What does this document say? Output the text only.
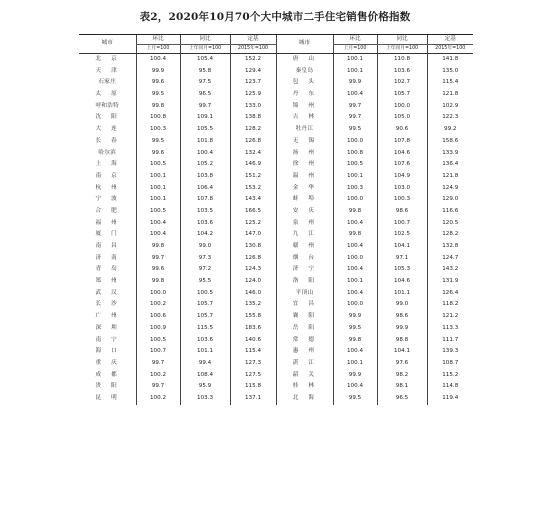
表2，2020年10月70个大中城市二手住宅销售价格指数
城市	环比	同比	定基	城市	环比	同比	定基
	上月=100	上年同月=100	2015年=100		上月=100	上年同月=100	2015年=100
北　京	100.4	105.4	152.2	唐　山	100.1	110.8	141.8
天　津	99.9	95.8	129.4	秦皇岛	100.1	103.6	135.0
石家庄	99.6	97.5	123.7	包　头	99.9	102.7	115.4
太　原	99.5	96.5	125.9	丹　东	100.4	105.7	121.8
呼和浩特	99.8	99.7	133.0	锦　州	99.7	100.0	102.9
沈　阳	100.8	109.1	138.8	吉　林	99.7	105.0	122.3
大　连	100.3	105.5	128.2	牡丹江	99.5	90.6	99.2
长　春	99.5	101.8	126.8	无　锡	100.0	107.8	158.6
哈尔滨	99.6	100.4	132.4	扬　州	100.8	104.6	133.9
上　海	100.5	105.2	146.9	徐　州	100.5	107.6	136.4
南　京	100.1	103.8	151.2	温　州	100.1	104.9	121.8
杭　州	100.1	106.4	153.2	金　华	100.3	103.0	124.9
宁　波	100.1	107.8	143.4	蚌　埠	100.0	100.3	129.0
合　肥	100.5	103.5	166.5	安　庆	99.8	98.6	116.6
福　州	100.4	103.6	125.2	泉　州	100.4	100.7	120.5
厦　门	100.4	104.2	147.0	九　江	99.8	102.5	128.2
南　昌	99.8	99.0	130.8	赣　州	100.4	104.1	132.8
济　南	99.7	97.3	126.8	烟　台	100.0	97.1	124.7
青　岛	99.6	97.2	124.3	济　宁	100.4	105.3	143.2
郑　州	99.8	95.5	124.0	洛　阳	100.1	104.6	131.9
武　汉	100.0	100.5	146.0	平顶山	100.4	101.1	126.4
长　沙	100.2	105.7	135.2	宜　昌	100.0	99.0	118.2
广　州	100.6	105.7	155.8	襄　阳	99.9	98.6	121.2
深　圳	100.9	115.5	183.6	岳　阳	99.5	99.9	113.3
南　宁	100.5	103.6	140.6	常　德	99.8	98.8	111.7
海　口	100.7	101.1	115.4	惠　州	100.4	104.1	139.3
重　庆	99.7	99.4	127.3	湛　江	100.1	97.6	108.7
成　都	100.2	108.4	127.5	韶　关	99.9	98.2	115.2
贵　阳	99.7	95.9	115.8	桂　林	100.4	98.1	114.8
昆　明	100.2	103.3	137.1	北　海	99.5	96.5	119.4
